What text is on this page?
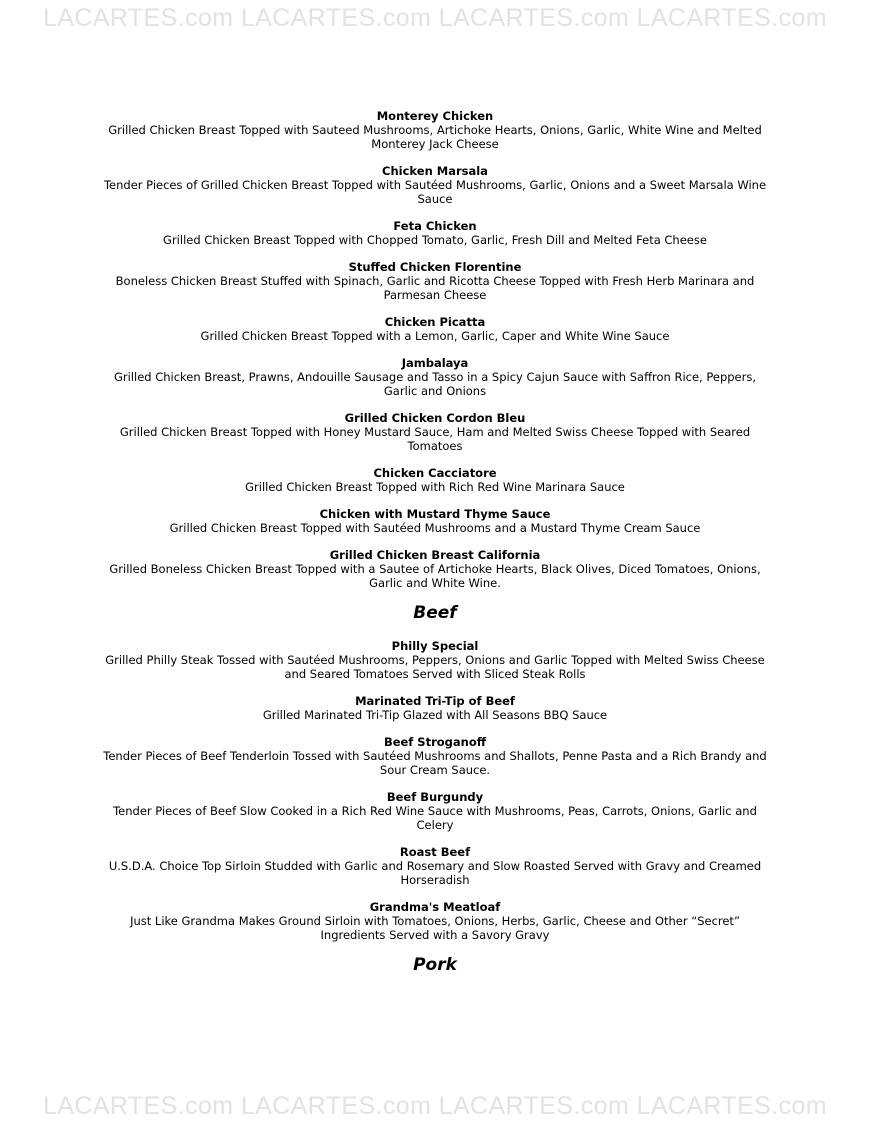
LACARTES.com LACARTES.com LACARTES.com LACARTES.com
Monterey Chicken
Grilled Chicken Breast Topped with Sauteed Mushrooms, Artichoke Hearts, Onions, Garlic, White Wine and Melted Monterey Jack Cheese
Chicken Marsala
Tender Pieces of Grilled Chicken Breast Topped with Sautéed Mushrooms, Garlic, Onions and a Sweet Marsala Wine Sauce
Feta Chicken
Grilled Chicken Breast Topped with Chopped Tomato, Garlic, Fresh Dill and Melted Feta Cheese
Stuffed Chicken Florentine
Boneless Chicken Breast Stuffed with Spinach, Garlic and Ricotta Cheese Topped with Fresh Herb Marinara and Parmesan Cheese
Chicken Picatta
Grilled Chicken Breast Topped with a Lemon, Garlic, Caper and White Wine Sauce
Jambalaya
Grilled Chicken Breast, Prawns, Andouille Sausage and Tasso in a Spicy Cajun Sauce with Saffron Rice, Peppers, Garlic and Onions
Grilled Chicken Cordon Bleu
Grilled Chicken Breast Topped with Honey Mustard Sauce, Ham and Melted Swiss Cheese Topped with Seared Tomatoes
Chicken Cacciatore
Grilled Chicken Breast Topped with Rich Red Wine Marinara Sauce
Chicken with Mustard Thyme Sauce
Grilled Chicken Breast Topped with Sautéed Mushrooms and a Mustard Thyme Cream Sauce
Grilled Chicken Breast California
Grilled Boneless Chicken Breast Topped with a Sautee of Artichoke Hearts, Black Olives, Diced Tomatoes, Onions, Garlic and White Wine.
Beef
Philly Special
Grilled Philly Steak Tossed with Sautéed Mushrooms, Peppers, Onions and Garlic Topped with Melted Swiss Cheese and Seared Tomatoes Served with Sliced Steak Rolls
Marinated Tri-Tip of Beef
Grilled Marinated Tri-Tip Glazed with All Seasons BBQ Sauce
Beef Stroganoff
Tender Pieces of Beef Tenderloin Tossed with Sautéed Mushrooms and Shallots, Penne Pasta and a Rich Brandy and Sour Cream Sauce.
Beef Burgundy
Tender Pieces of Beef Slow Cooked in a Rich Red Wine Sauce with Mushrooms, Peas, Carrots, Onions, Garlic and Celery
Roast Beef
U.S.D.A. Choice Top Sirloin Studded with Garlic and Rosemary and Slow Roasted Served with Gravy and Creamed Horseradish
Grandma's Meatloaf
Just Like Grandma Makes Ground Sirloin with Tomatoes, Onions, Herbs, Garlic, Cheese and Other “Secret” Ingredients Served with a Savory Gravy
Pork
LACARTES.com LACARTES.com LACARTES.com LACARTES.com
